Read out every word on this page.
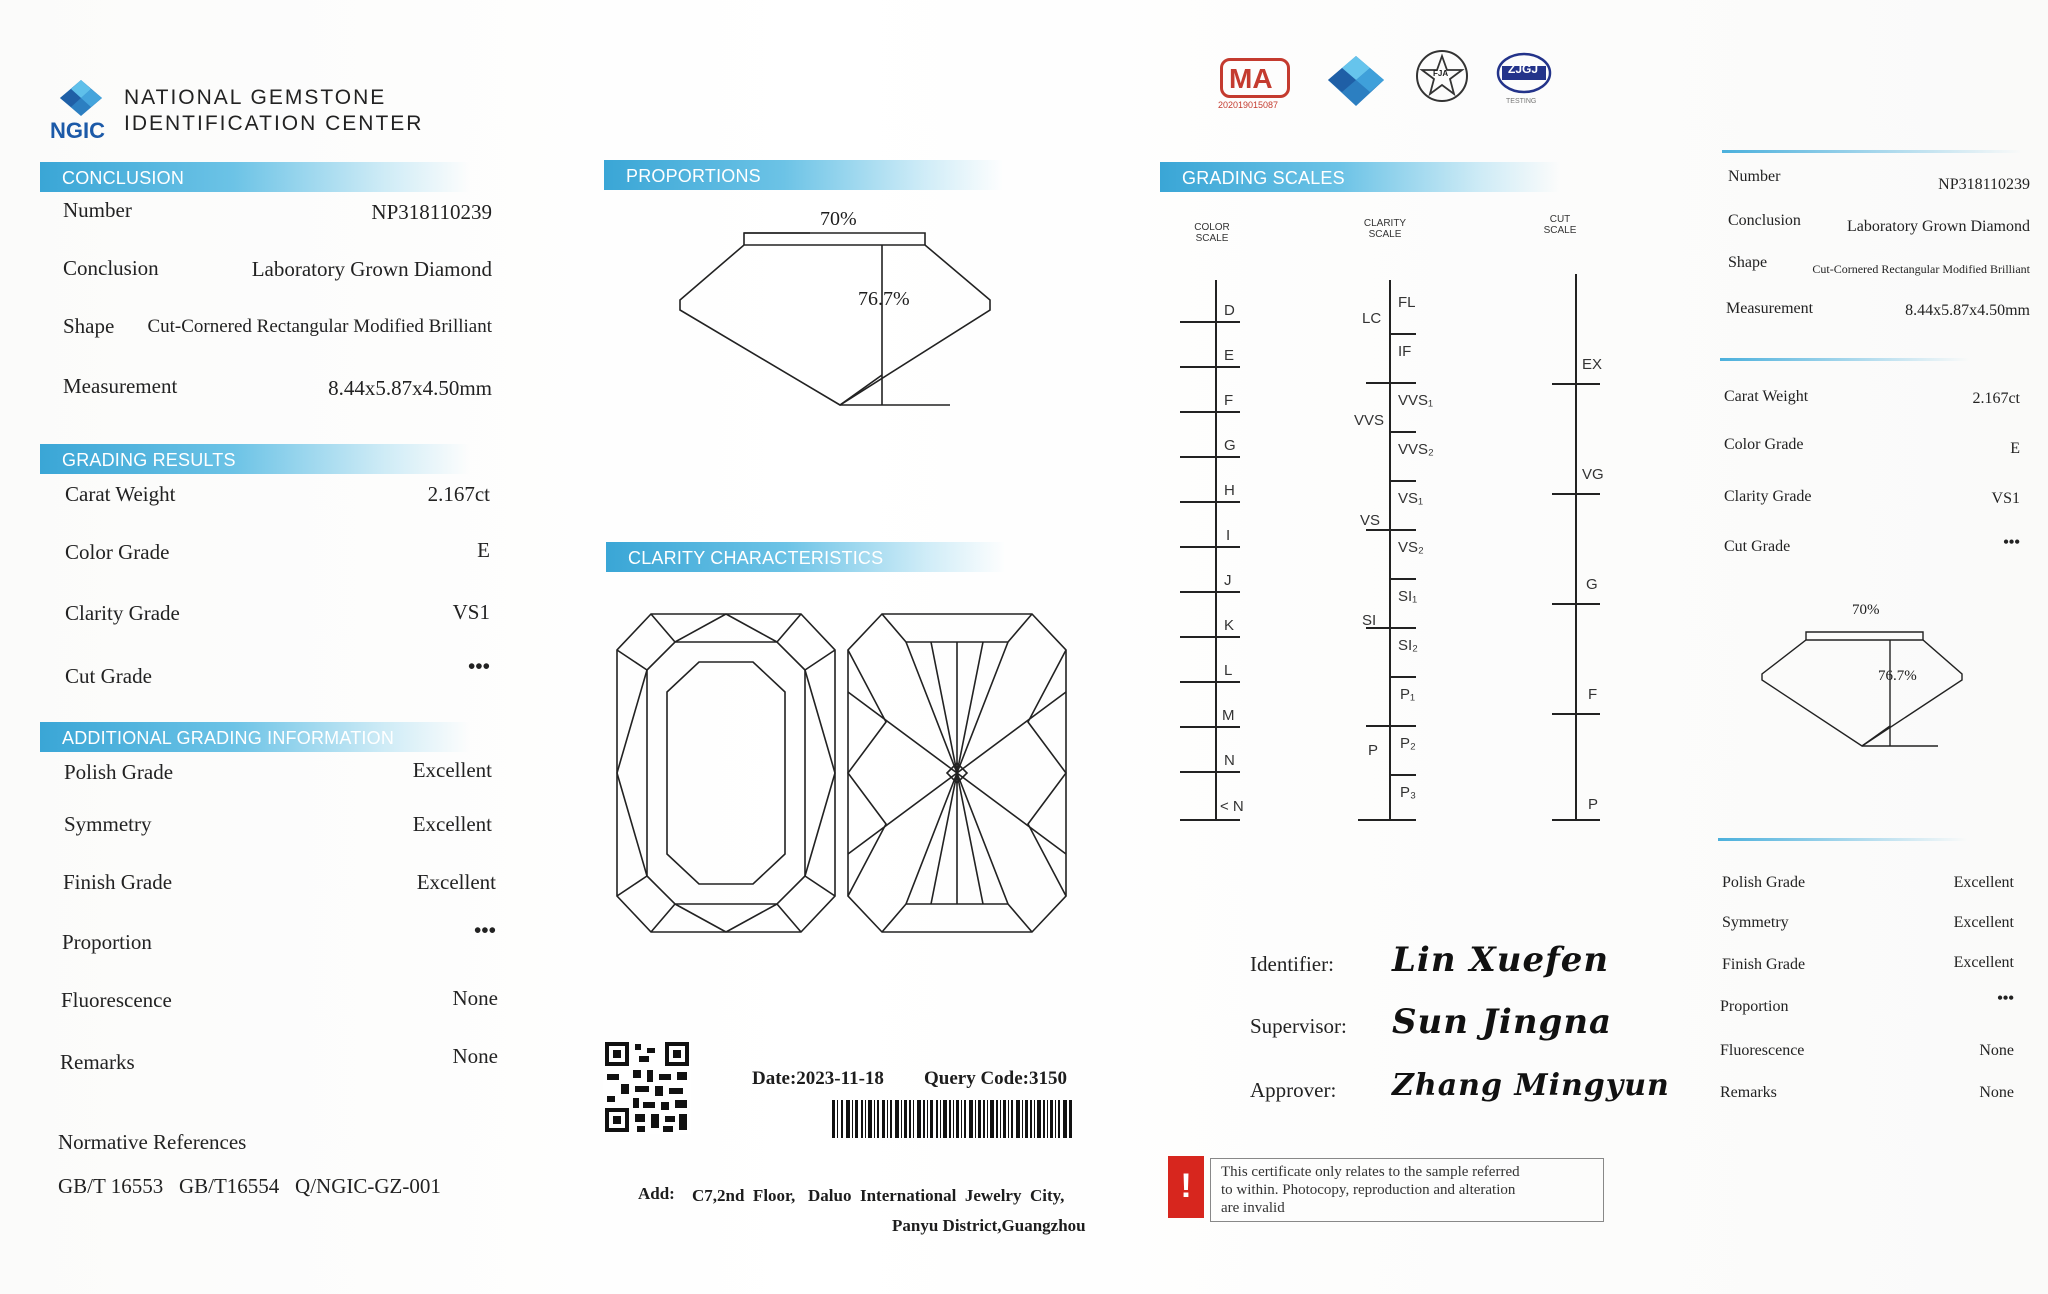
NGIC
NATIONAL GEMSTONE
IDENTIFICATION CENTER
CONCLUSION
Number	NP318110239
Conclusion	Laboratory Grown Diamond
Shape Cut-Cornered Rectangular Modified Brilliant
Measurement	8.44x5.87x4.50mm
GRADING RESULTS
Carat Weight	2.167ct
Color Grade	E
Clarity Grade	VS1
Cut Grade	•••
ADDITIONAL GRADING INFORMATION
Polish Grade	Excellent
Symmetry	Excellent
Finish Grade	Excellent
Proportion	•••
Fluorescence	None
Remarks	None
Normative References
GB/T 16553   GB/T16554   Q/NGIC-GZ-001
PROPORTIONS
70%
76.7%
CLARITY CHARACTERISTICS
Date:2023-11-18 Query Code:3150
Add: C7,2nd  Floor,   Daluo  International  Jewelry  City,
Panyu District,Guangzhou
MA
202019015087
FJA	ZJGJ
TESTING
GRADING SCALES
COLOR
SCALE
CLARITY
SCALE
CUT
SCALE
D
E
F
G
H
I
J
K
L
M
N
< N
LC
VVS
VS
SI
P
FL
IF
VVS₁
VVS₂
VS₁
VS₂
SI₁
SI₂
P₁
P₂
P₃
EX
VG
G
F
P
Identifier: Lin Xuefen
Supervisor: Sun Jingna
Approver: Zhang Mingyun
!	This certificate only relates to the sample referred
to within. Photocopy, reproduction and alteration
are invalid
Number	NP318110239
Conclusion	Laboratory Grown Diamond
Shape	Cut-Cornered Rectangular Modified Brilliant
Measurement	8.44x5.87x4.50mm
Carat Weight	2.167ct
Color Grade	E
Clarity Grade	VS1
Cut Grade	•••
70%
76.7%
Polish Grade	Excellent
Symmetry	Excellent
Finish Grade	Excellent
Proportion	•••
Fluorescence	None
Remarks	None
